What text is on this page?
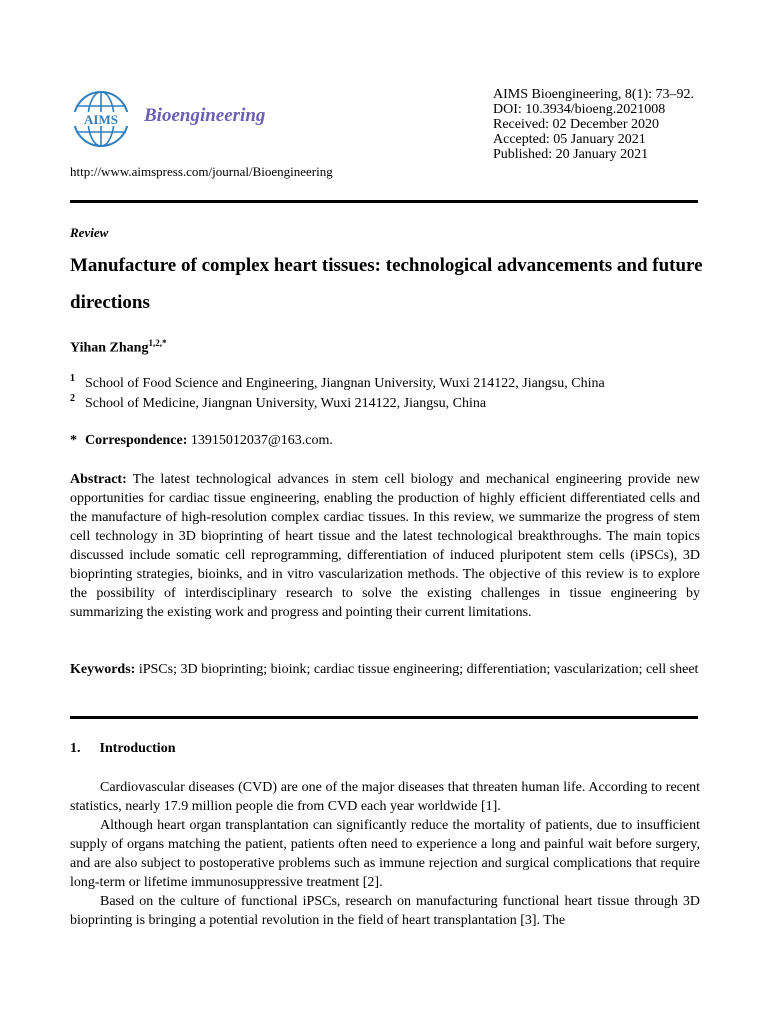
AIMS Bioengineering
AIMS Bioengineering, 8(1): 73–92.
DOI: 10.3934/bioeng.2021008
Received: 02 December 2020
Accepted: 05 January 2021
Published: 20 January 2021
http://www.aimspress.com/journal/Bioengineering
Review
Manufacture of complex heart tissues: technological advancements and future directions
Yihan Zhang$^{1,2,*}$
1 School of Food Science and Engineering, Jiangnan University, Wuxi 214122, Jiangsu, China
2 School of Medicine, Jiangnan University, Wuxi 214122, Jiangsu, China
* Correspondence: 13915012037@163.com.

Abstract: The latest technological advances in stem cell biology and mechanical engineering provide new opportunities for cardiac tissue engineering, enabling the production of highly efficient differentiated cells and the manufacture of high-resolution complex cardiac tissues. In this review, we summarize the progress of stem cell technology in 3D bioprinting of heart tissue and the latest technological breakthroughs. The main topics discussed include somatic cell reprogramming, differentiation of induced pluripotent stem cells (iPSCs), 3D bioprinting strategies, bioinks, and in vitro vascularization methods. The objective of this review is to explore the possibility of interdisciplinary research to solve the existing challenges in tissue engineering by summarizing the existing work and progress and pointing their current limitations.

Keywords: iPSCs; 3D bioprinting; bioink; cardiac tissue engineering; differentiation; vascularization; cell sheet

1. Introduction

Cardiovascular diseases (CVD) are one of the major diseases that threaten human life. According to recent statistics, nearly 17.9 million people die from CVD each year worldwide [1].

Although heart organ transplantation can significantly reduce the mortality of patients, due to insufficient supply of organs matching the patient, patients often need to experience a long and painful wait before surgery, and are also subject to postoperative problems such as immune rejection and surgical complications that require long-term or lifetime immunosuppressive treatment [2].

Based on the culture of functional iPSCs, research on manufacturing functional heart tissue through 3D bioprinting is bringing a potential revolution in the field of heart transplantation [3]. The
